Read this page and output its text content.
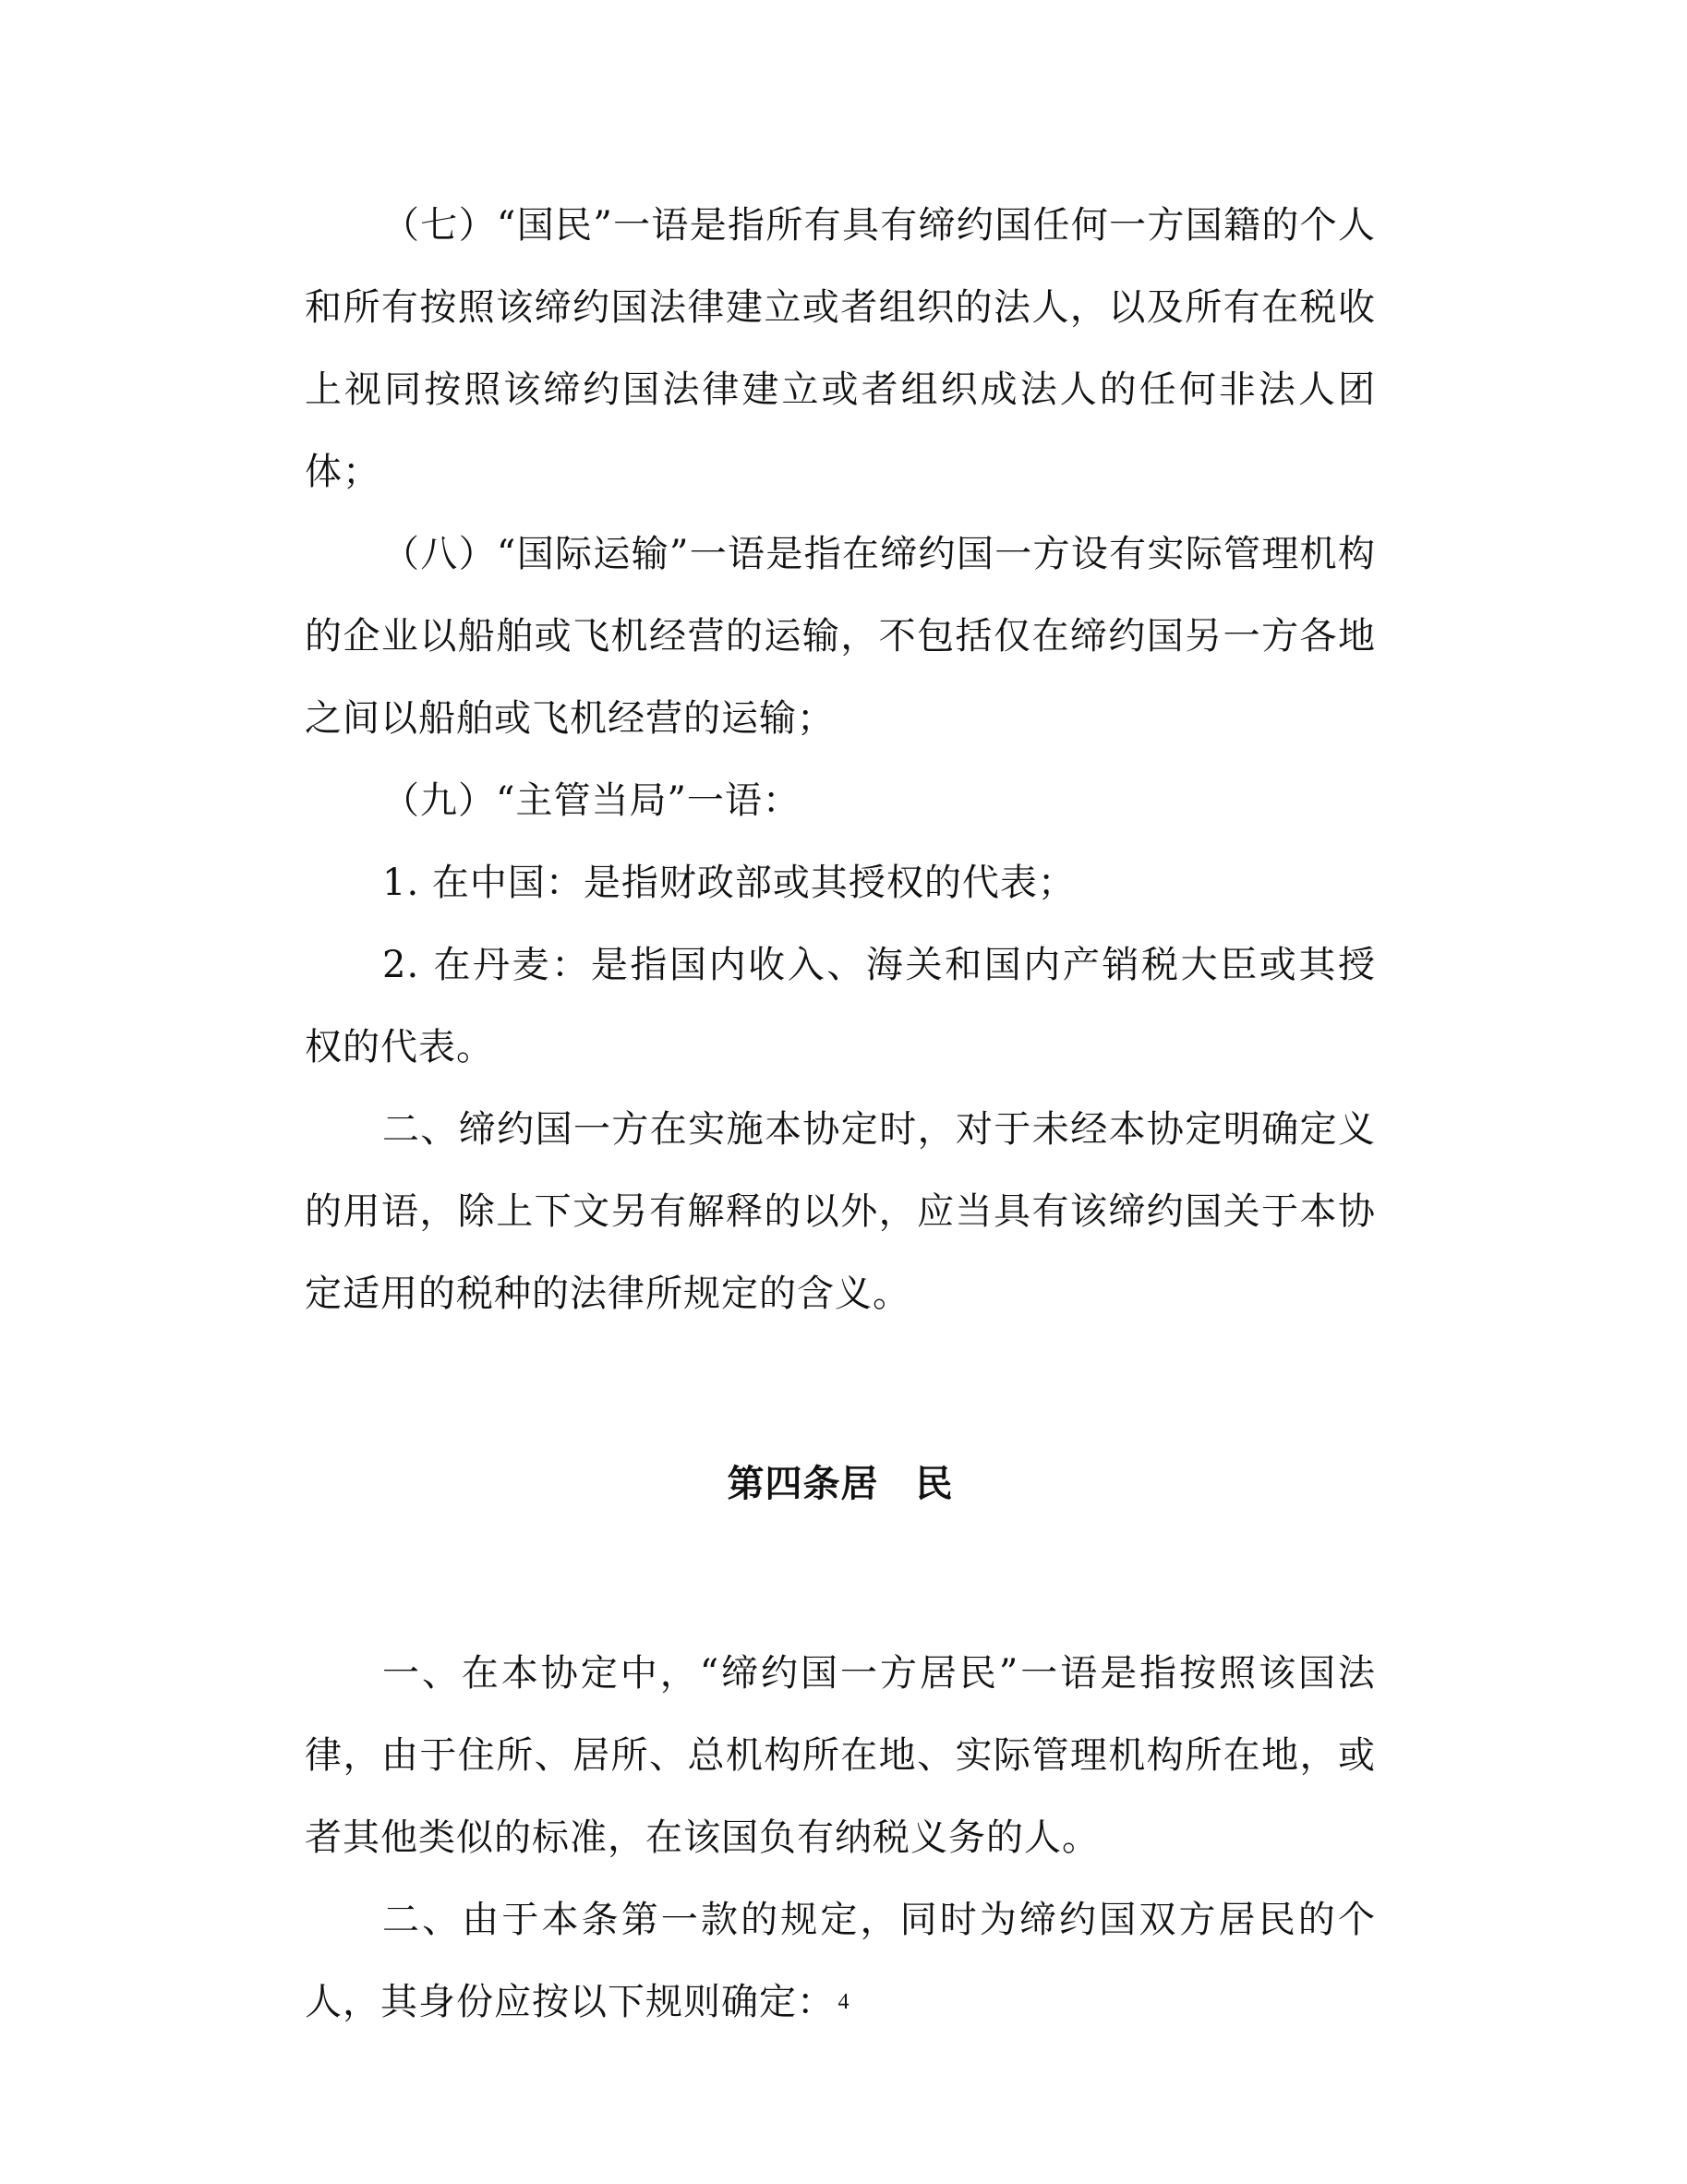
（七）“国民”一语是指所有具有缔约国任何一方国籍的个人和所有按照该缔约国法律建立或者组织的法人，以及所有在税收上视同按照该缔约国法律建立或者组织成法人的任何非法人团体；

（八）“国际运输”一语是指在缔约国一方设有实际管理机构的企业以船舶或飞机经营的运输，不包括仅在缔约国另一方各地之间以船舶或飞机经营的运输；

（九）“主管当局”一语：

1. 在中国：是指财政部或其授权的代表；

2. 在丹麦：是指国内收入、海关和国内产销税大臣或其授权的代表。

二、缔约国一方在实施本协定时，对于未经本协定明确定义的用语，除上下文另有解释的以外，应当具有该缔约国关于本协定适用的税种的法律所规定的含义。

第四条居 民

一、在本协定中，“缔约国一方居民”一语是指按照该国法律，由于住所、居所、总机构所在地、实际管理机构所在地，或者其他类似的标准，在该国负有纳税义务的人。

二、由于本条第一款的规定，同时为缔约国双方居民的个人，其身份应按以下规则确定： 4
